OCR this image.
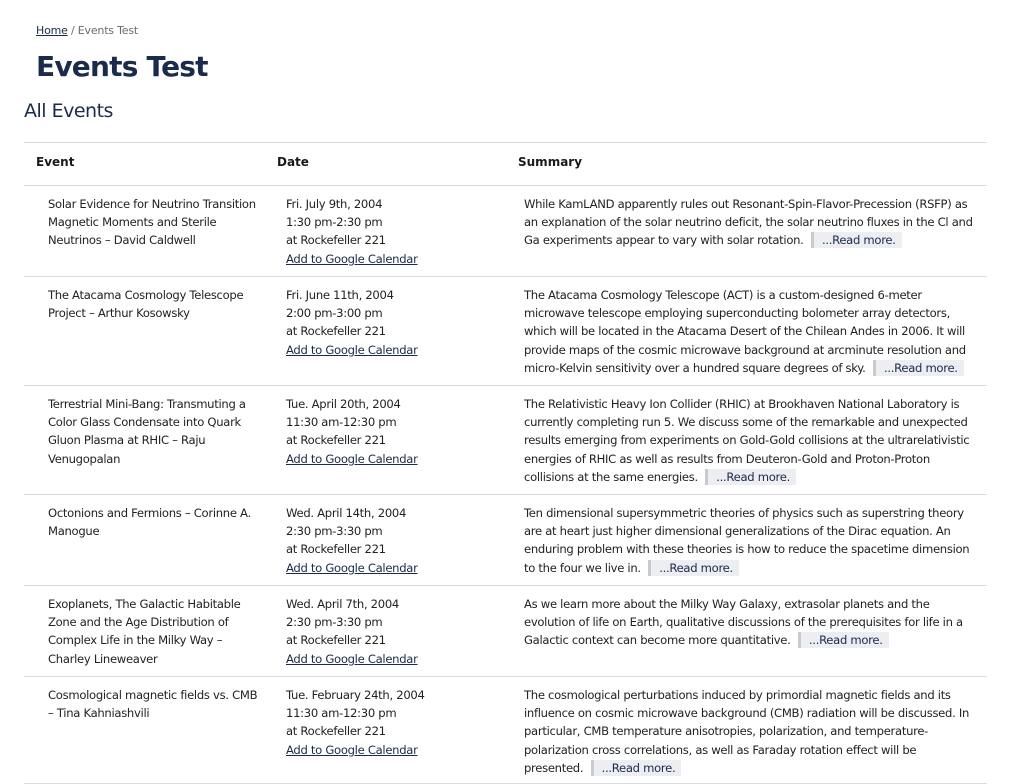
Home / Events Test
Events Test
All Events
Event	Date	Summary
Solar Evidence for Neutrino Transition Magnetic Moments and Sterile Neutrinos – David Caldwell
Fri. July 9th, 2004
1:30 pm-2:30 pm
at Rockefeller 221
Add to Google Calendar
While KamLAND apparently rules out Resonant-Spin-Flavor-Precession (RSFP) as an explanation of the solar neutrino deficit, the solar neutrino fluxes in the Cl and Ga experiments appear to vary with solar rotation. ...Read more.
The Atacama Cosmology Telescope Project – Arthur Kosowsky
Fri. June 11th, 2004
2:00 pm-3:00 pm
at Rockefeller 221
Add to Google Calendar
The Atacama Cosmology Telescope (ACT) is a custom-designed 6-meter microwave telescope employing superconducting bolometer array detectors, which will be located in the Atacama Desert of the Chilean Andes in 2006. It will provide maps of the cosmic microwave background at arcminute resolution and micro-Kelvin sensitivity over a hundred square degrees of sky. ...Read more.
Terrestrial Mini-Bang: Transmuting a Color Glass Condensate into Quark Gluon Plasma at RHIC – Raju Venugopalan
Tue. April 20th, 2004
11:30 am-12:30 pm
at Rockefeller 221
Add to Google Calendar
The Relativistic Heavy Ion Collider (RHIC) at Brookhaven National Laboratory is currently completing run 5. We discuss some of the remarkable and unexpected results emerging from experiments on Gold-Gold collisions at the ultrarelativistic energies of RHIC as well as results from Deuteron-Gold and Proton-Proton collisions at the same energies. ...Read more.
Octonions and Fermions – Corinne A. Manogue
Wed. April 14th, 2004
2:30 pm-3:30 pm
at Rockefeller 221
Add to Google Calendar
Ten dimensional supersymmetric theories of physics such as superstring theory are at heart just higher dimensional generalizations of the Dirac equation. An enduring problem with these theories is how to reduce the spacetime dimension to the four we live in. ...Read more.
Exoplanets, The Galactic Habitable Zone and the Age Distribution of Complex Life in the Milky Way – Charley Lineweaver
Wed. April 7th, 2004
2:30 pm-3:30 pm
at Rockefeller 221
Add to Google Calendar
As we learn more about the Milky Way Galaxy, extrasolar planets and the evolution of life on Earth, qualitative discussions of the prerequisites for life in a Galactic context can become more quantitative. ...Read more.
Cosmological magnetic fields vs. CMB – Tina Kahniashvili
Tue. February 24th, 2004
11:30 am-12:30 pm
at Rockefeller 221
Add to Google Calendar
The cosmological perturbations induced by primordial magnetic fields and its influence on cosmic microwave background (CMB) radiation will be discussed. In particular, CMB temperature anisotropies, polarization, and temperature-polarization cross correlations, as well as Faraday rotation effect will be presented. ...Read more.
